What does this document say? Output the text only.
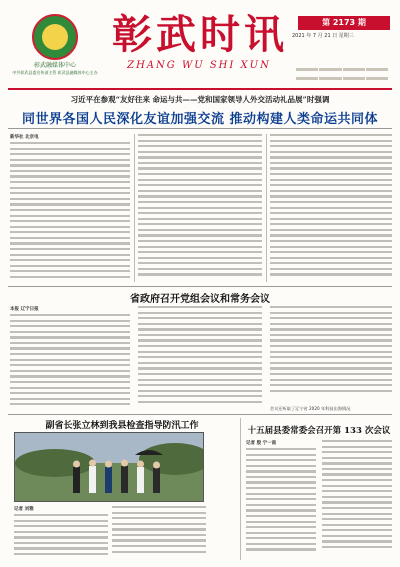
彰武融媒体中心
中共彰武县委宣传部主管 彰武县融媒体中心主办
彰武时讯
ZHANG WU SHI XUN
第 2173 期
2021 年 7 月 21 日 星期三
习近平在参观“友好往来 命运与共——党和国家领导人外交活动礼品展”时强调
同世界各国人民深化友谊加强交流 推动构建人类命运共同体
新华社 北京电
省政府召开党组会议和常务会议
本报 辽宁日报
会议还听取了辽宁省 2020 年科技出海情况
副省长张立林到我县检查指导防汛工作
记者 刘雅
十五届县委常委会召开第 133 次会议
记者 殷 宁一南
